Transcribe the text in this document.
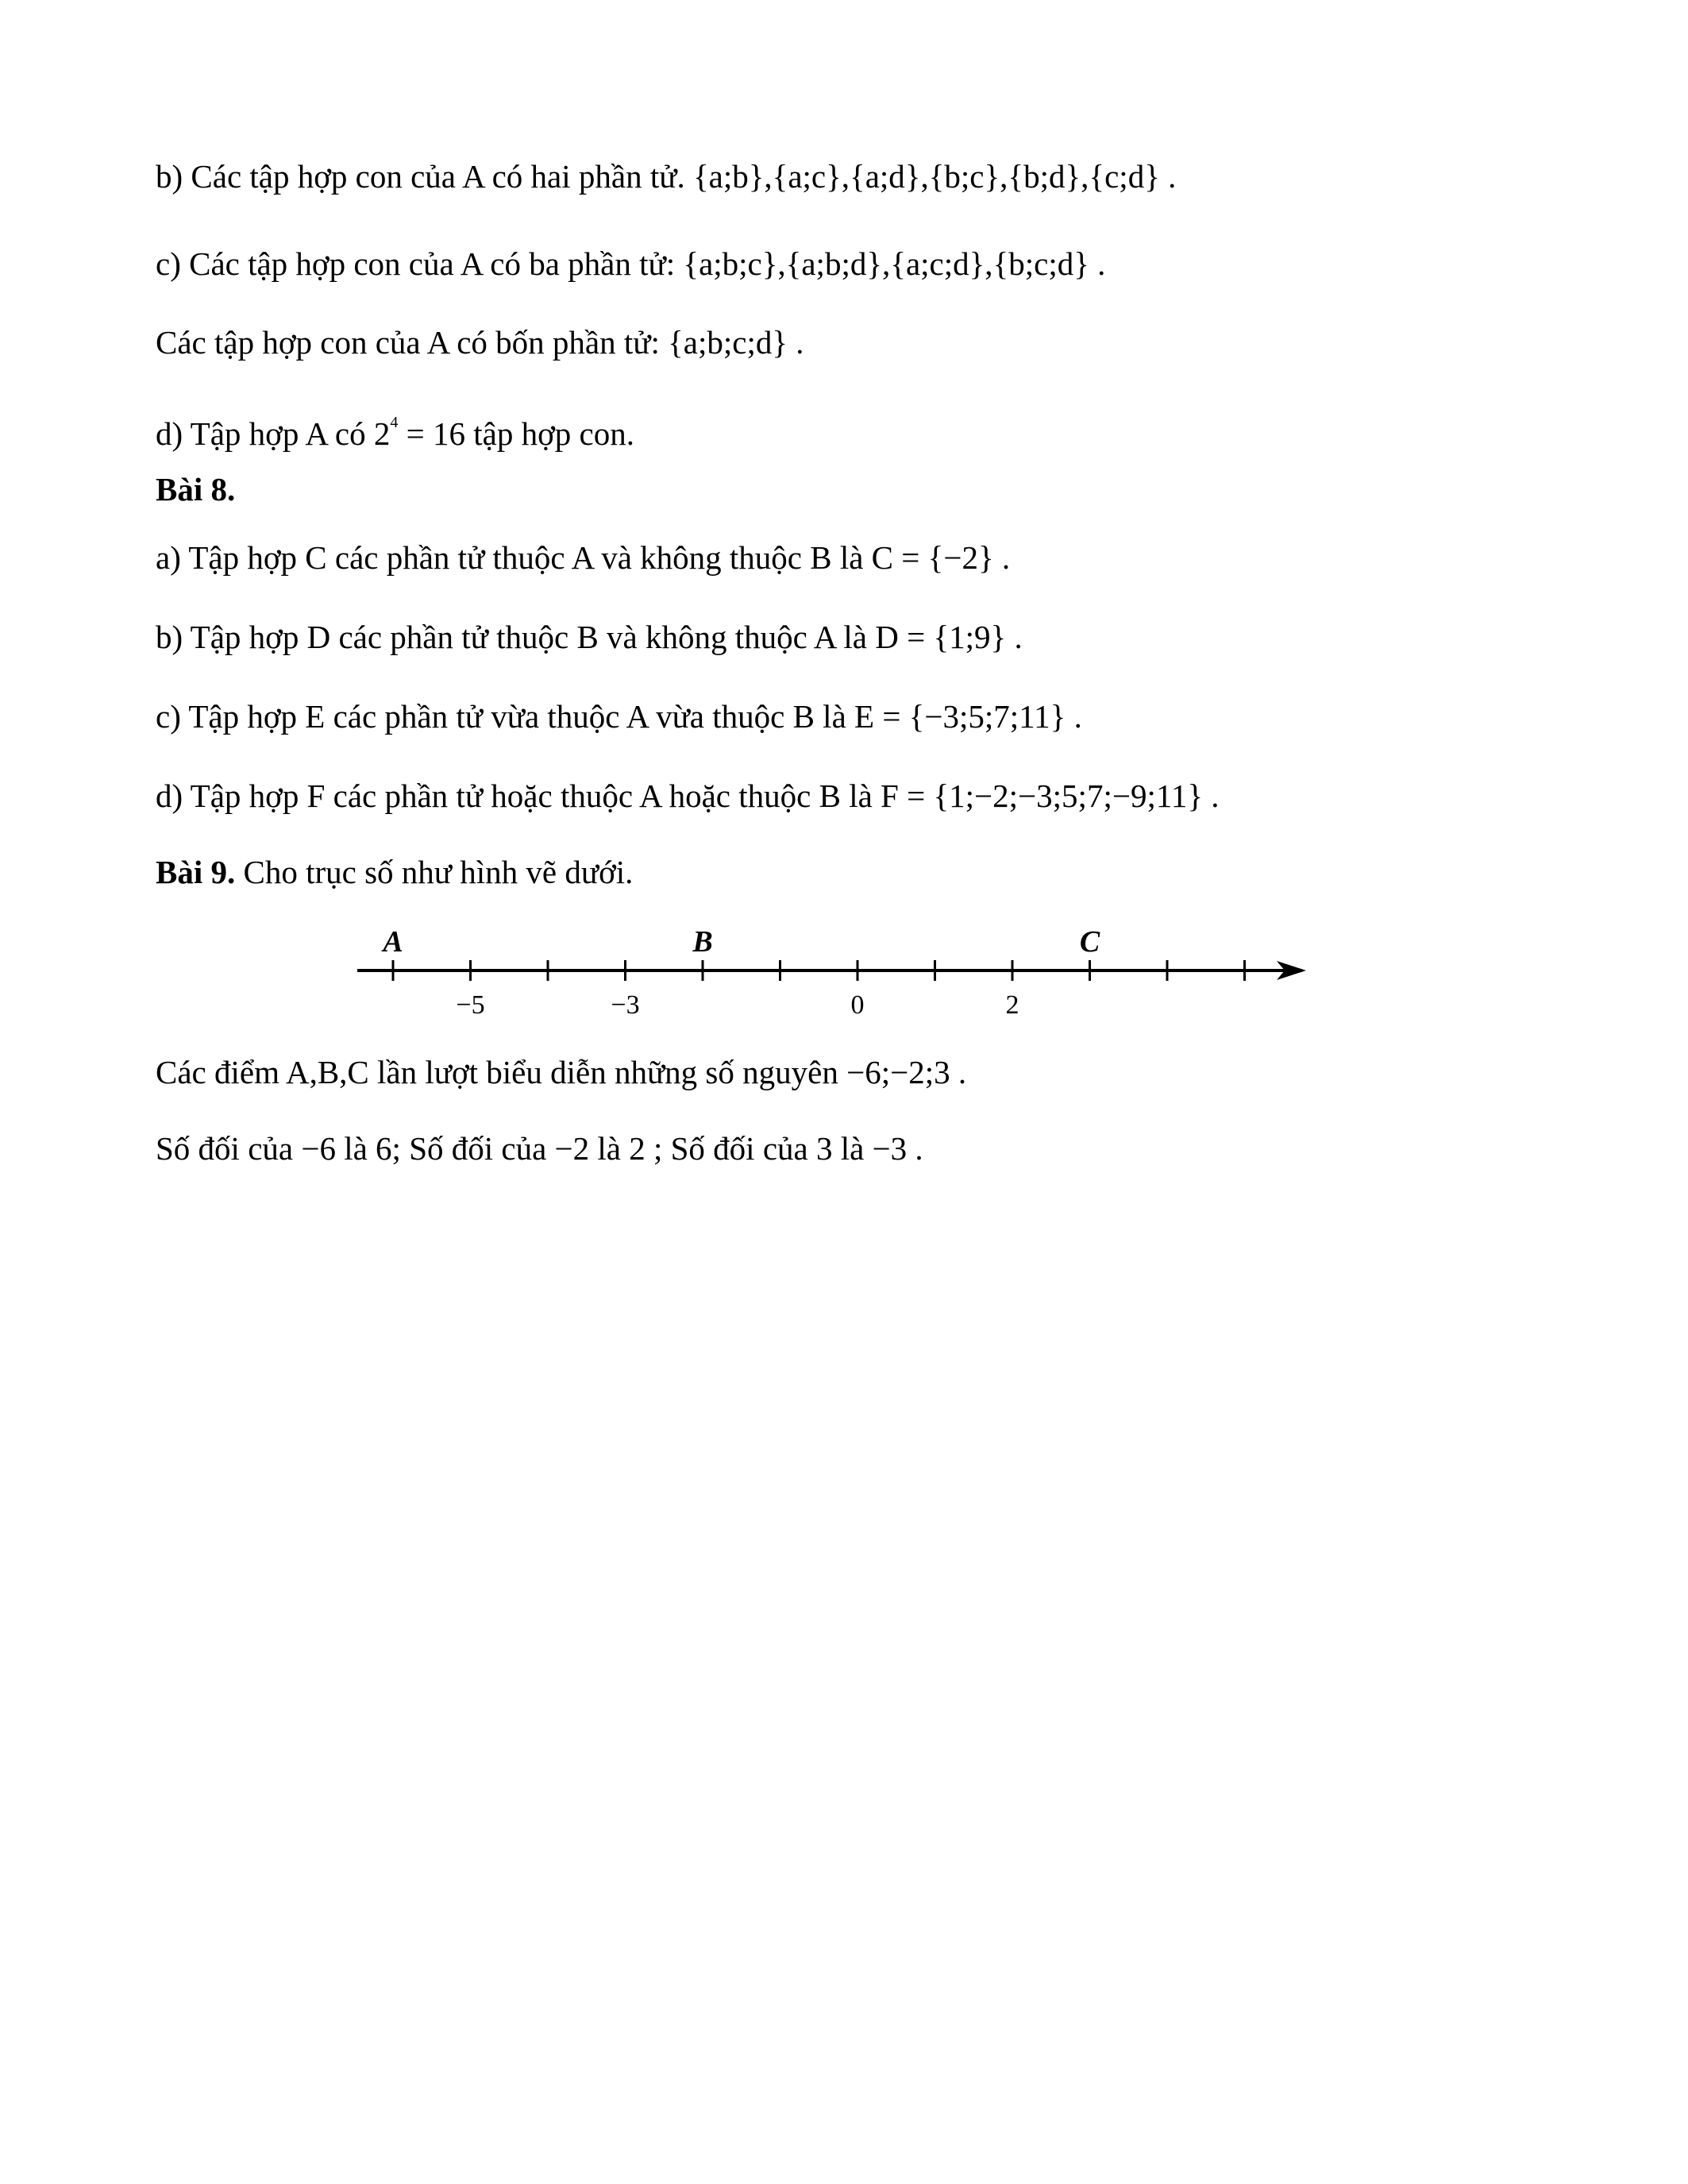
b) Các tập hợp con của A có hai phần tử. {a;b},{a;c},{a;d},{b;c},{b;d},{c;d} .
c) Các tập hợp con của A có ba phần tử: {a;b;c},{a;b;d},{a;c;d},{b;c;d} .
Các tập hợp con của A có bốn phần tử: {a;b;c;d} .
d) Tập hợp A có $2^4 = 16$ tập hợp con.
Bài 8.
a) Tập hợp C các phần tử thuộc A và không thuộc B là C = {−2} .
b) Tập hợp D các phần tử thuộc B và không thuộc A là D = {1;9} .
c) Tập hợp E các phần tử vừa thuộc A vừa thuộc B là E = {−3;5;7;11} .
d) Tập hợp F các phần tử hoặc thuộc A hoặc thuộc B là F = {1;−2;−3;5;7;−9;11} .
Bài 9. Cho trục số như hình vẽ dưới.
A	B	C
−5	−3	0	2
Các điểm A,B,C lần lượt biểu diễn những số nguyên −6;−2;3 .
Số đối của −6 là 6; Số đối của −2 là 2 ; Số đối của 3 là −3 .
